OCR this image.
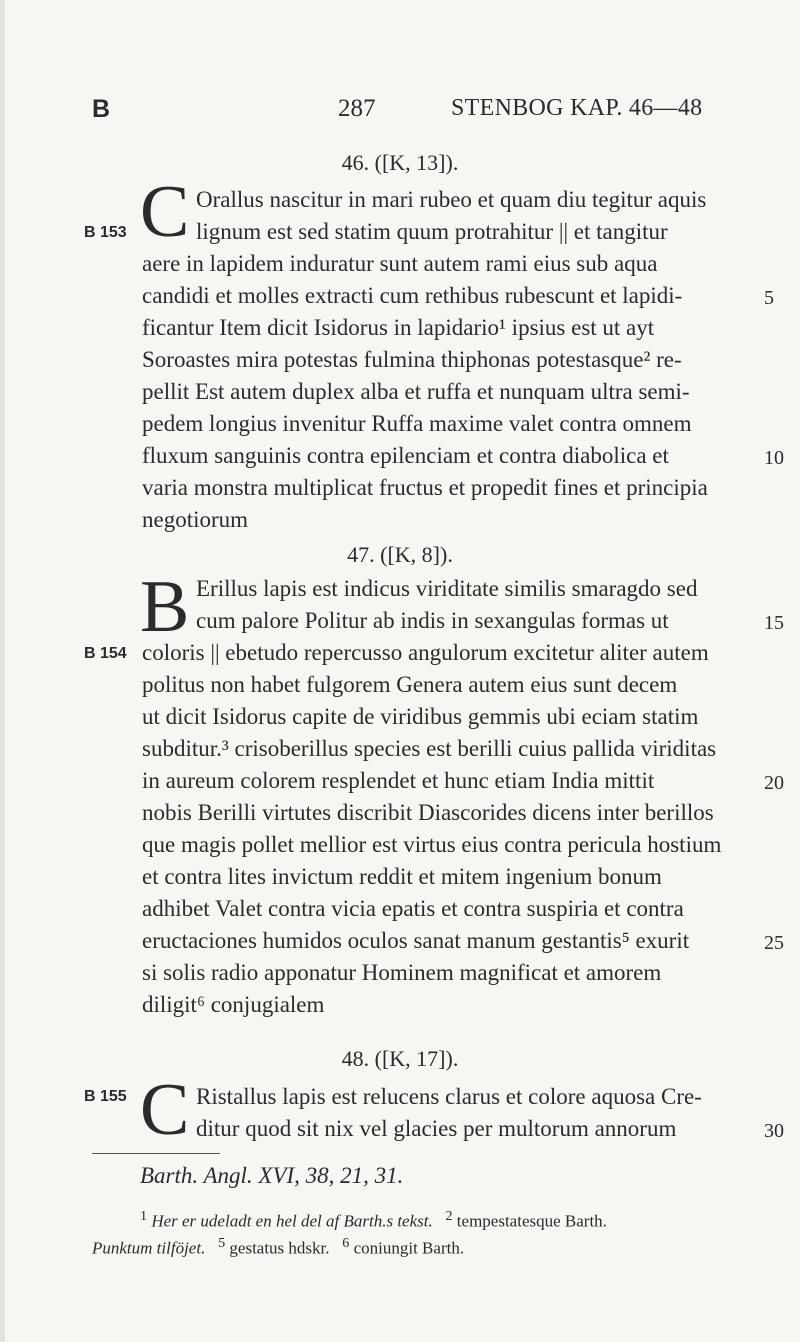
B	287	STENBOG KAP. 46—48
46. ([K, 13]).
C Orallus nascitur in mari rubeo et quam diu tegitur aquis
lignum est sed statim quum protrahitur || et tangitur
aere in lapidem induratur sunt autem rami eius sub aqua
candidi et molles extracti cum rethibus rubescunt et lapidi-
ficantur Item dicit Isidorus in lapidario¹ ipsius est ut ayt
Soroastes mira potestas fulmina thiphonas potestasque² re-
pellit Est autem duplex alba et ruffa et nunquam ultra semi-
pedem longius invenitur Ruffa maxime valet contra omnem
fluxum sanguinis contra epilenciam et contra diabolica et
varia monstra multiplicat fructus et propedit fines et principia
negotiorum
47. ([K, 8]).
B Erillus lapis est indicus viriditate similis smaragdo sed
cum palore Politur ab indis in sexangulas formas ut
coloris || ebetudo repercusso angulorum excitetur aliter autem
politus non habet fulgorem Genera autem eius sunt decem
ut dicit Isidorus capite de viridibus gemmis ubi eciam statim
subditur.³ crisoberillus species est berilli cuius pallida viriditas
in aureum colorem resplendet et hunc etiam India mittit
nobis Berilli virtutes discribit Diascorides dicens inter berillos
que magis pollet mellior est virtus eius contra pericula hostium
et contra lites invictum reddit et mitem ingenium bonum
adhibet Valet contra vicia epatis et contra suspiria et contra
eructaciones humidos oculos sanat manum gestantis⁵ exurit
si solis radio apponatur Hominem magnificat et amorem
diligit⁶ conjugialem
48. ([K, 17]).
C Ristallus lapis est relucens clarus et colore aquosa Cre-
ditur quod sit nix vel glacies per multorum annorum
B 153
B 154
B 155
5
10
15
20
25
30
Barth. Angl. XVI, 38, 21, 31.
$^1$ Her er udeladt en hel del af Barth.s tekst. $^2$ tempestatesque Barth.
Punktum tilföjet. $^5$ gestatus hdskr. $^6$ coniungit Barth.
